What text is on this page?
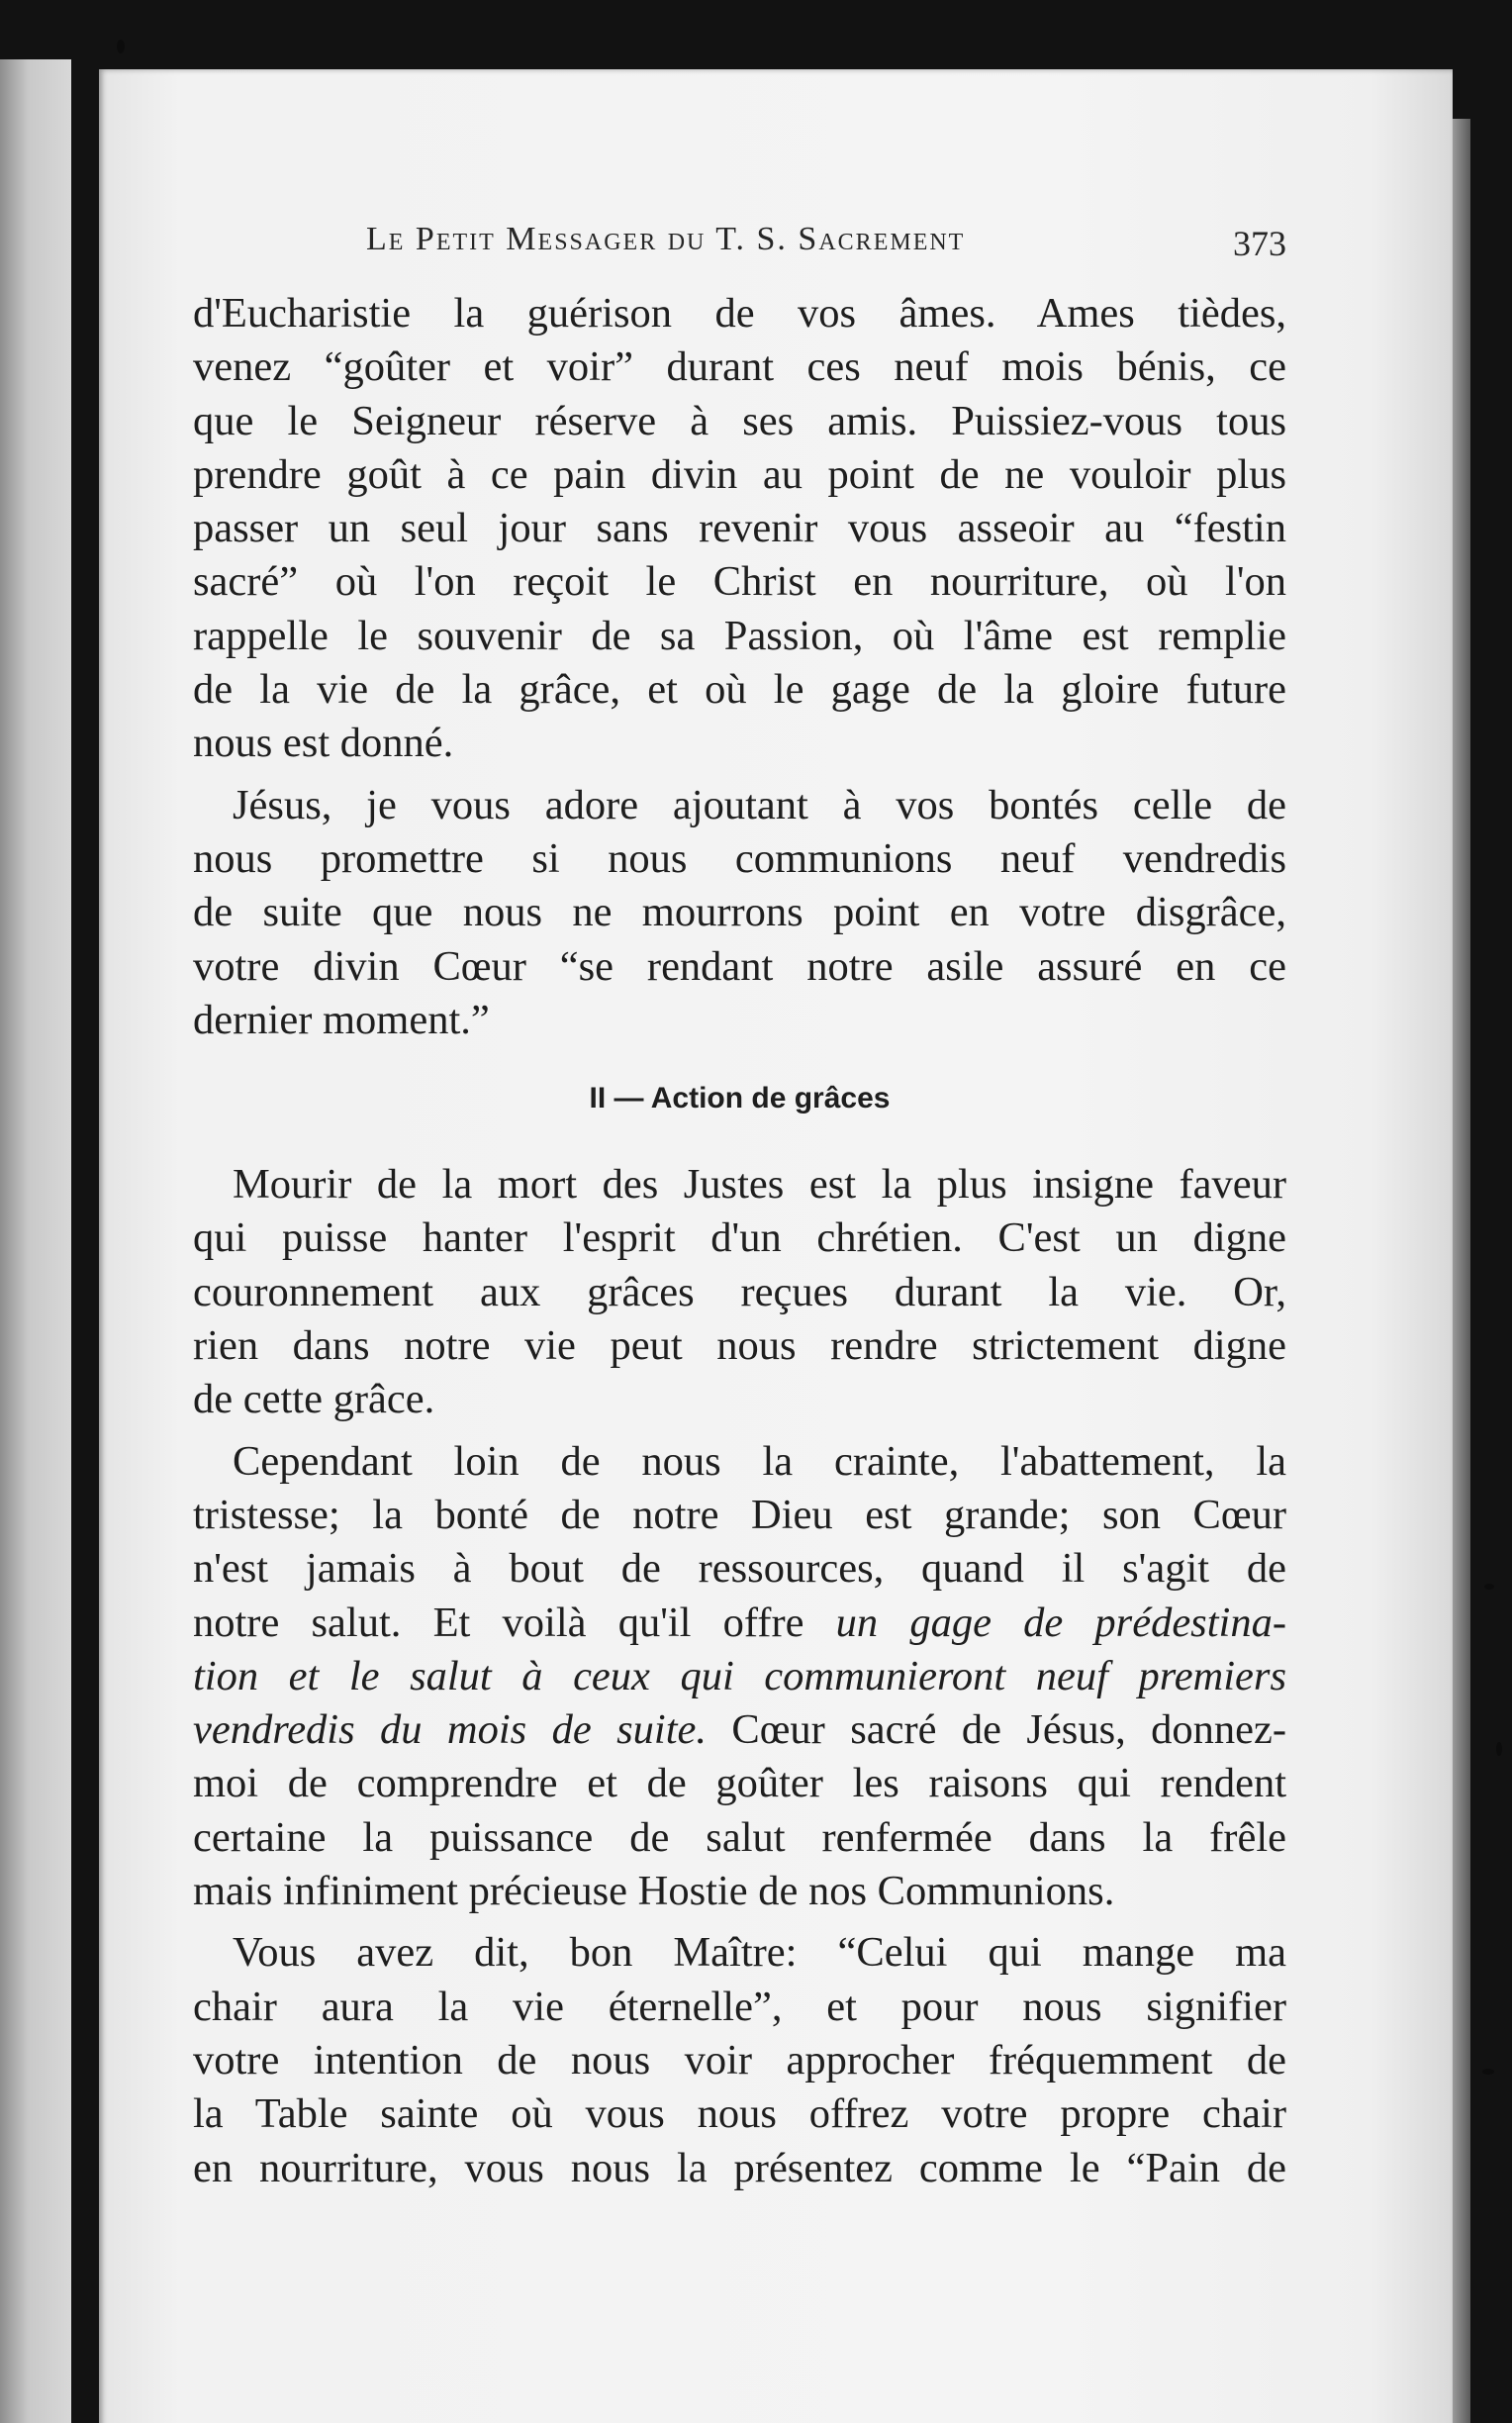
Le Petit Messager du T. S. Sacrement	373
d'Eucharistie la guérison de vos âmes. Ames tièdes,
venez “goûter et voir” durant ces neuf mois bénis, ce
que le Seigneur réserve à ses amis. Puissiez-vous tous
prendre goût à ce pain divin au point de ne vouloir plus
passer un seul jour sans revenir vous asseoir au “festin
sacré” où l'on reçoit le Christ en nourriture, où l'on
rappelle le souvenir de sa Passion, où l'âme est remplie
de la vie de la grâce, et où le gage de la gloire future
nous est donné.
Jésus, je vous adore ajoutant à vos bontés celle de
nous promettre si nous communions neuf vendredis
de suite que nous ne mourrons point en votre disgrâce,
votre divin Cœur “se rendant notre asile assuré en ce
dernier moment.”
II — Action de grâces
Mourir de la mort des Justes est la plus insigne faveur
qui puisse hanter l'esprit d'un chrétien. C'est un digne
couronnement aux grâces reçues durant la vie. Or,
rien dans notre vie peut nous rendre strictement digne
de cette grâce.
Cependant loin de nous la crainte, l'abattement, la
tristesse; la bonté de notre Dieu est grande; son Cœur
n'est jamais à bout de ressources, quand il s'agit de
notre salut. Et voilà qu'il offre un gage de prédestina-
tion et le salut à ceux qui communieront neuf premiers
vendredis du mois de suite. Cœur sacré de Jésus, donnez-
moi de comprendre et de goûter les raisons qui rendent
certaine la puissance de salut renfermée dans la frêle
mais infiniment précieuse Hostie de nos Communions.
Vous avez dit, bon Maître: “Celui qui mange ma
chair aura la vie éternelle”, et pour nous signifier
votre intention de nous voir approcher fréquemment de
la Table sainte où vous nous offrez votre propre chair
en nourriture, vous nous la présentez comme le “Pain de
